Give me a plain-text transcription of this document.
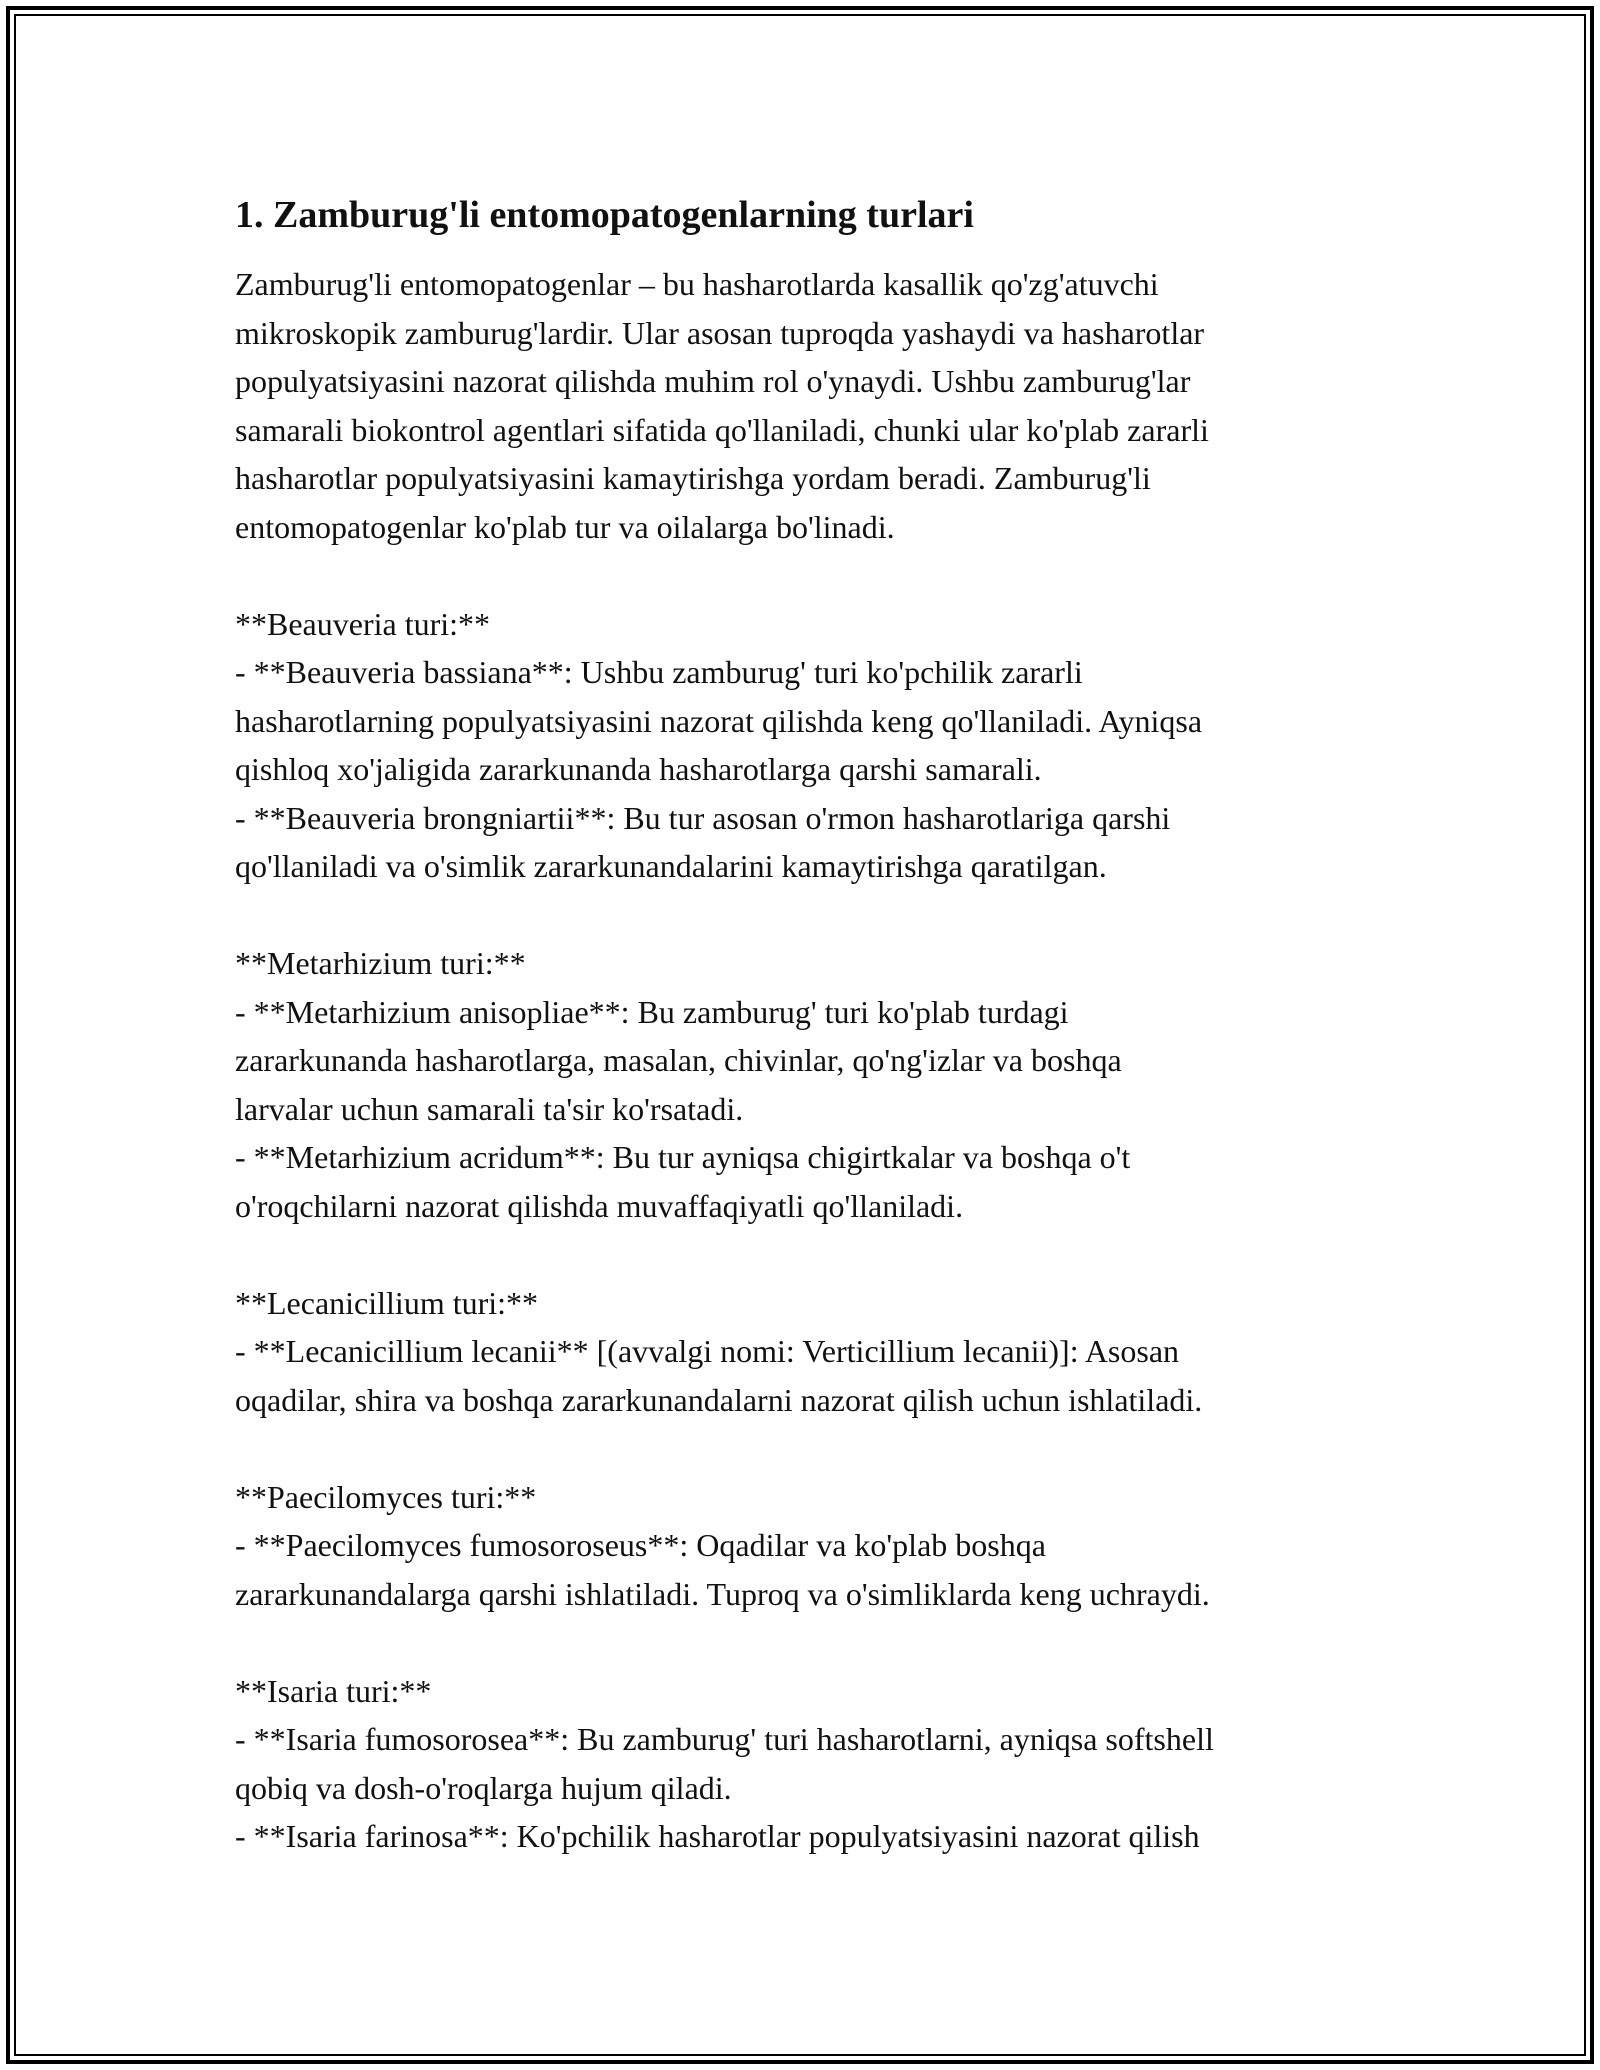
1. Zamburug'li entomopatogenlarning turlari

Zamburug'li entomopatogenlar – bu hasharotlarda kasallik qo'zg'atuvchi
mikroskopik zamburug'lardir. Ular asosan tuproqda yashaydi va hasharotlar
populyatsiyasini nazorat qilishda muhim rol o'ynaydi. Ushbu zamburug'lar
samarali biokontrol agentlari sifatida qo'llaniladi, chunki ular ko'plab zararli
hasharotlar populyatsiyasini kamaytirishga yordam beradi. Zamburug'li
entomopatogenlar ko'plab tur va oilalarga bo'linadi.

**Beauveria turi:**
- **Beauveria bassiana**: Ushbu zamburug' turi ko'pchilik zararli
hasharotlarning populyatsiyasini nazorat qilishda keng qo'llaniladi. Ayniqsa
qishloq xo'jaligida zararkunanda hasharotlarga qarshi samarali.
- **Beauveria brongniartii**: Bu tur asosan o'rmon hasharotlariga qarshi
qo'llaniladi va o'simlik zararkunandalarini kamaytirishga qaratilgan.
**Metarhizium turi:**
- **Metarhizium anisopliae**: Bu zamburug' turi ko'plab turdagi
zararkunanda hasharotlarga, masalan, chivinlar, qo'ng'izlar va boshqa
larvalar uchun samarali ta'sir ko'rsatadi.
- **Metarhizium acridum**: Bu tur ayniqsa chigirtkalar va boshqa o't
o'roqchilarni nazorat qilishda muvaffaqiyatli qo'llaniladi.
**Lecanicillium turi:**
- **Lecanicillium lecanii** [(avvalgi nomi: Verticillium lecanii)]: Asosan
oqadilar, shira va boshqa zararkunandalarni nazorat qilish uchun ishlatiladi.
**Paecilomyces turi:**
- **Paecilomyces fumosoroseus**: Oqadilar va ko'plab boshqa
zararkunandalarga qarshi ishlatiladi. Tuproq va o'simliklarda keng uchraydi.
**Isaria turi:**
- **Isaria fumosorosea**: Bu zamburug' turi hasharotlarni, ayniqsa softshell
qobiq va dosh-o'roqlarga hujum qiladi.
- **Isaria farinosa**: Ko'pchilik hasharotlar populyatsiyasini nazorat qilish
